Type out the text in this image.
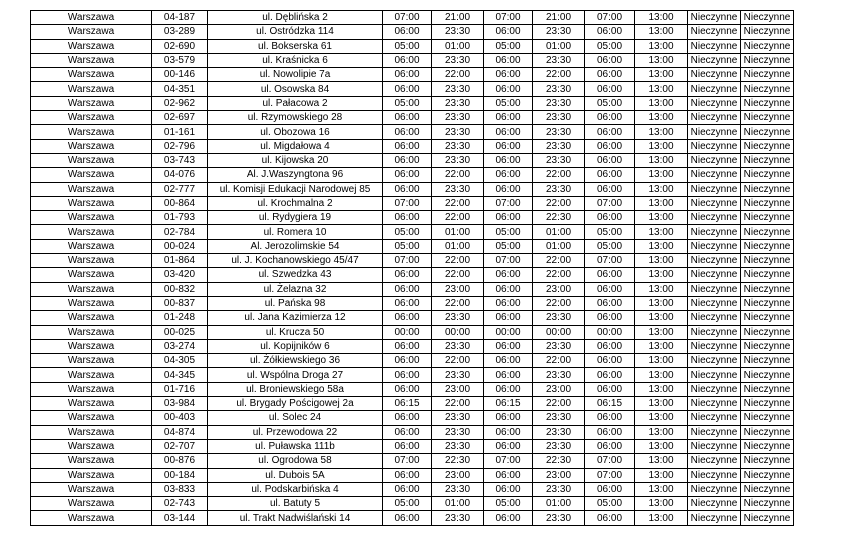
Warszawa	04-187	ul. Dęblińska 2	07:00	21:00	07:00	21:00	07:00	13:00	Nieczynne	Nieczynne
Warszawa	03-289	ul. Ostródzka 114	06:00	23:30	06:00	23:30	06:00	13:00	Nieczynne	Nieczynne
Warszawa	02-690	ul. Bokserska 61	05:00	01:00	05:00	01:00	05:00	13:00	Nieczynne	Nieczynne
Warszawa	03-579	ul. Kraśnicka 6	06:00	23:30	06:00	23:30	06:00	13:00	Nieczynne	Nieczynne
Warszawa	00-146	ul. Nowolipie 7a	06:00	22:00	06:00	22:00	06:00	13:00	Nieczynne	Nieczynne
Warszawa	04-351	ul. Osowska 84	06:00	23:30	06:00	23:30	06:00	13:00	Nieczynne	Nieczynne
Warszawa	02-962	ul. Pałacowa 2	05:00	23:30	05:00	23:30	05:00	13:00	Nieczynne	Nieczynne
Warszawa	02-697	ul. Rzymowskiego 28	06:00	23:30	06:00	23:30	06:00	13:00	Nieczynne	Nieczynne
Warszawa	01-161	ul. Obozowa 16	06:00	23:30	06:00	23:30	06:00	13:00	Nieczynne	Nieczynne
Warszawa	02-796	ul. Migdałowa 4	06:00	23:30	06:00	23:30	06:00	13:00	Nieczynne	Nieczynne
Warszawa	03-743	ul. Kijowska 20	06:00	23:30	06:00	23:30	06:00	13:00	Nieczynne	Nieczynne
Warszawa	04-076	Al. J.Waszyngtona 96	06:00	22:00	06:00	22:00	06:00	13:00	Nieczynne	Nieczynne
Warszawa	02-777	ul. Komisji Edukacji Narodowej 85	06:00	23:30	06:00	23:30	06:00	13:00	Nieczynne	Nieczynne
Warszawa	00-864	ul. Krochmalna 2	07:00	22:00	07:00	22:00	07:00	13:00	Nieczynne	Nieczynne
Warszawa	01-793	ul. Rydygiera 19	06:00	22:00	06:00	22:30	06:00	13:00	Nieczynne	Nieczynne
Warszawa	02-784	ul. Romera 10	05:00	01:00	05:00	01:00	05:00	13:00	Nieczynne	Nieczynne
Warszawa	00-024	Al. Jerozolimskie 54	05:00	01:00	05:00	01:00	05:00	13:00	Nieczynne	Nieczynne
Warszawa	01-864	ul. J. Kochanowskiego 45/47	07:00	22:00	07:00	22:00	07:00	13:00	Nieczynne	Nieczynne
Warszawa	03-420	ul. Szwedzka 43	06:00	22:00	06:00	22:00	06:00	13:00	Nieczynne	Nieczynne
Warszawa	00-832	ul. Żelazna 32	06:00	23:00	06:00	23:00	06:00	13:00	Nieczynne	Nieczynne
Warszawa	00-837	ul. Pańska 98	06:00	22:00	06:00	22:00	06:00	13:00	Nieczynne	Nieczynne
Warszawa	01-248	ul. Jana Kazimierza 12	06:00	23:30	06:00	23:30	06:00	13:00	Nieczynne	Nieczynne
Warszawa	00-025	ul. Krucza 50	00:00	00:00	00:00	00:00	00:00	13:00	Nieczynne	Nieczynne
Warszawa	03-274	ul. Kopijników 6	06:00	23:30	06:00	23:30	06:00	13:00	Nieczynne	Nieczynne
Warszawa	04-305	ul. Żółkiewskiego 36	06:00	22:00	06:00	22:00	06:00	13:00	Nieczynne	Nieczynne
Warszawa	04-345	ul. Wspólna Droga 27	06:00	23:30	06:00	23:30	06:00	13:00	Nieczynne	Nieczynne
Warszawa	01-716	ul. Broniewskiego 58a	06:00	23:00	06:00	23:00	06:00	13:00	Nieczynne	Nieczynne
Warszawa	03-984	ul. Brygady Pościgowej 2a	06:15	22:00	06:15	22:00	06:15	13:00	Nieczynne	Nieczynne
Warszawa	00-403	ul. Solec 24	06:00	23:30	06:00	23:30	06:00	13:00	Nieczynne	Nieczynne
Warszawa	04-874	ul. Przewodowa 22	06:00	23:30	06:00	23:30	06:00	13:00	Nieczynne	Nieczynne
Warszawa	02-707	ul. Puławska 111b	06:00	23:30	06:00	23:30	06:00	13:00	Nieczynne	Nieczynne
Warszawa	00-876	ul. Ogrodowa 58	07:00	22:30	07:00	22:30	07:00	13:00	Nieczynne	Nieczynne
Warszawa	00-184	ul. Dubois 5A	06:00	23:00	06:00	23:00	07:00	13:00	Nieczynne	Nieczynne
Warszawa	03-833	ul. Podskarbińska 4	06:00	23:30	06:00	23:30	06:00	13:00	Nieczynne	Nieczynne
Warszawa	02-743	ul. Batuty 5	05:00	01:00	05:00	01:00	05:00	13:00	Nieczynne	Nieczynne
Warszawa	03-144	ul. Trakt Nadwiślański 14	06:00	23:30	06:00	23:30	06:00	13:00	Nieczynne	Nieczynne
